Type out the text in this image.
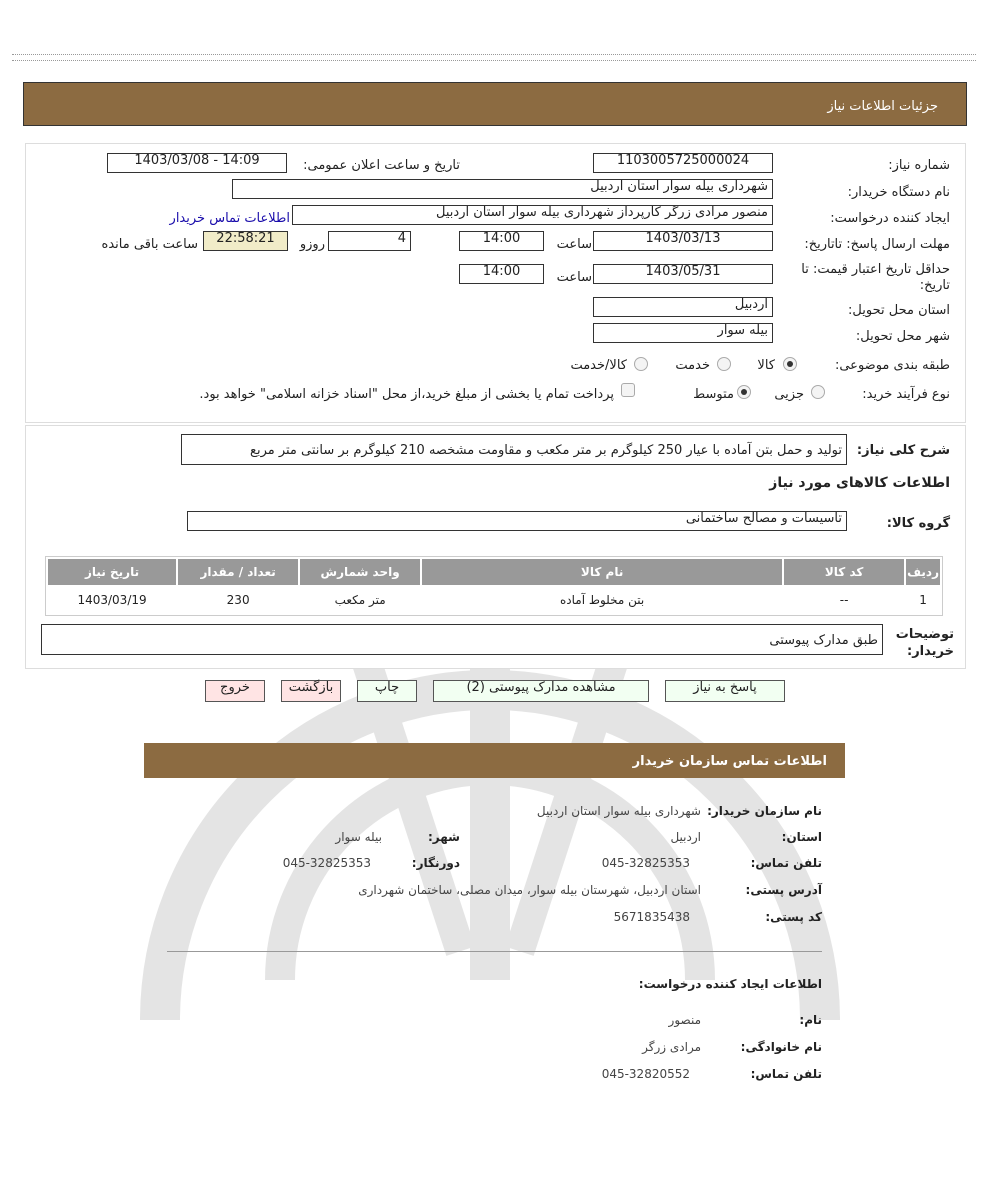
جزئیات اطلاعات نیاز
شماره نیاز:
1103005725000024
تاریخ و ساعت اعلان عمومی:
1403/03/08 - 14:09
نام دستگاه خریدار:
شهرداری بیله سوار استان اردبیل
ایجاد کننده درخواست:
منصور مرادی زرگر کارپرداز شهرداری بیله سوار استان اردبیل
اطلاعات تماس خریدار
مهلت ارسال پاسخ: تاتاریخ:
1403/03/13
ساعت
14:00
4
روزو
22:58:21
ساعت باقی مانده
حداقل تاریخ اعتبار قیمت: تا تاریخ:
1403/05/31
ساعت
14:00
استان محل تحویل:
اردبیل
شهر محل تحویل:
بیله سوار
طبقه بندی موضوعی:
کالا
خدمت
کالا/خدمت
نوع فرآیند خرید:
جزیی
متوسط
پرداخت تمام یا بخشی از مبلغ خرید،از محل "اسناد خزانه اسلامی" خواهد بود.
شرح کلی نیاز:
تولید و حمل بتن آماده با عیار 250 کیلوگرم بر متر مکعب و مقاومت مشخصه 210 کیلوگرم بر سانتی متر مربع
اطلاعات کالاهای مورد نیاز
گروه کالا:
تاسیسات و مصالح ساختمانی
ردیف	کد کالا	نام کالا	واحد شمارش	تعداد / مقدار	تاریخ نیاز
1	--	بتن مخلوط آماده	متر مکعب	230	1403/03/19
توضیحات خریدار:
طبق مدارک پیوستی
پاسخ به نیاز
مشاهده مدارک پیوستی (2)
چاپ
بازگشت
خروج
اطلاعات تماس سازمان خریدار
نام سازمان خریدار:
شهرداری بیله سوار استان اردبیل
استان:
اردبیل
شهر:
بیله سوار
تلفن تماس:
045-32825353
دورنگار:
045-32825353
آدرس پستی:
استان اردبیل، شهرستان بیله سوار، میدان مصلی، ساختمان شهرداری
کد پستی:
5671835438
اطلاعات ایجاد کننده درخواست:
نام:
منصور
نام خانوادگی:
مرادی زرگر
تلفن تماس:
045-32820552
